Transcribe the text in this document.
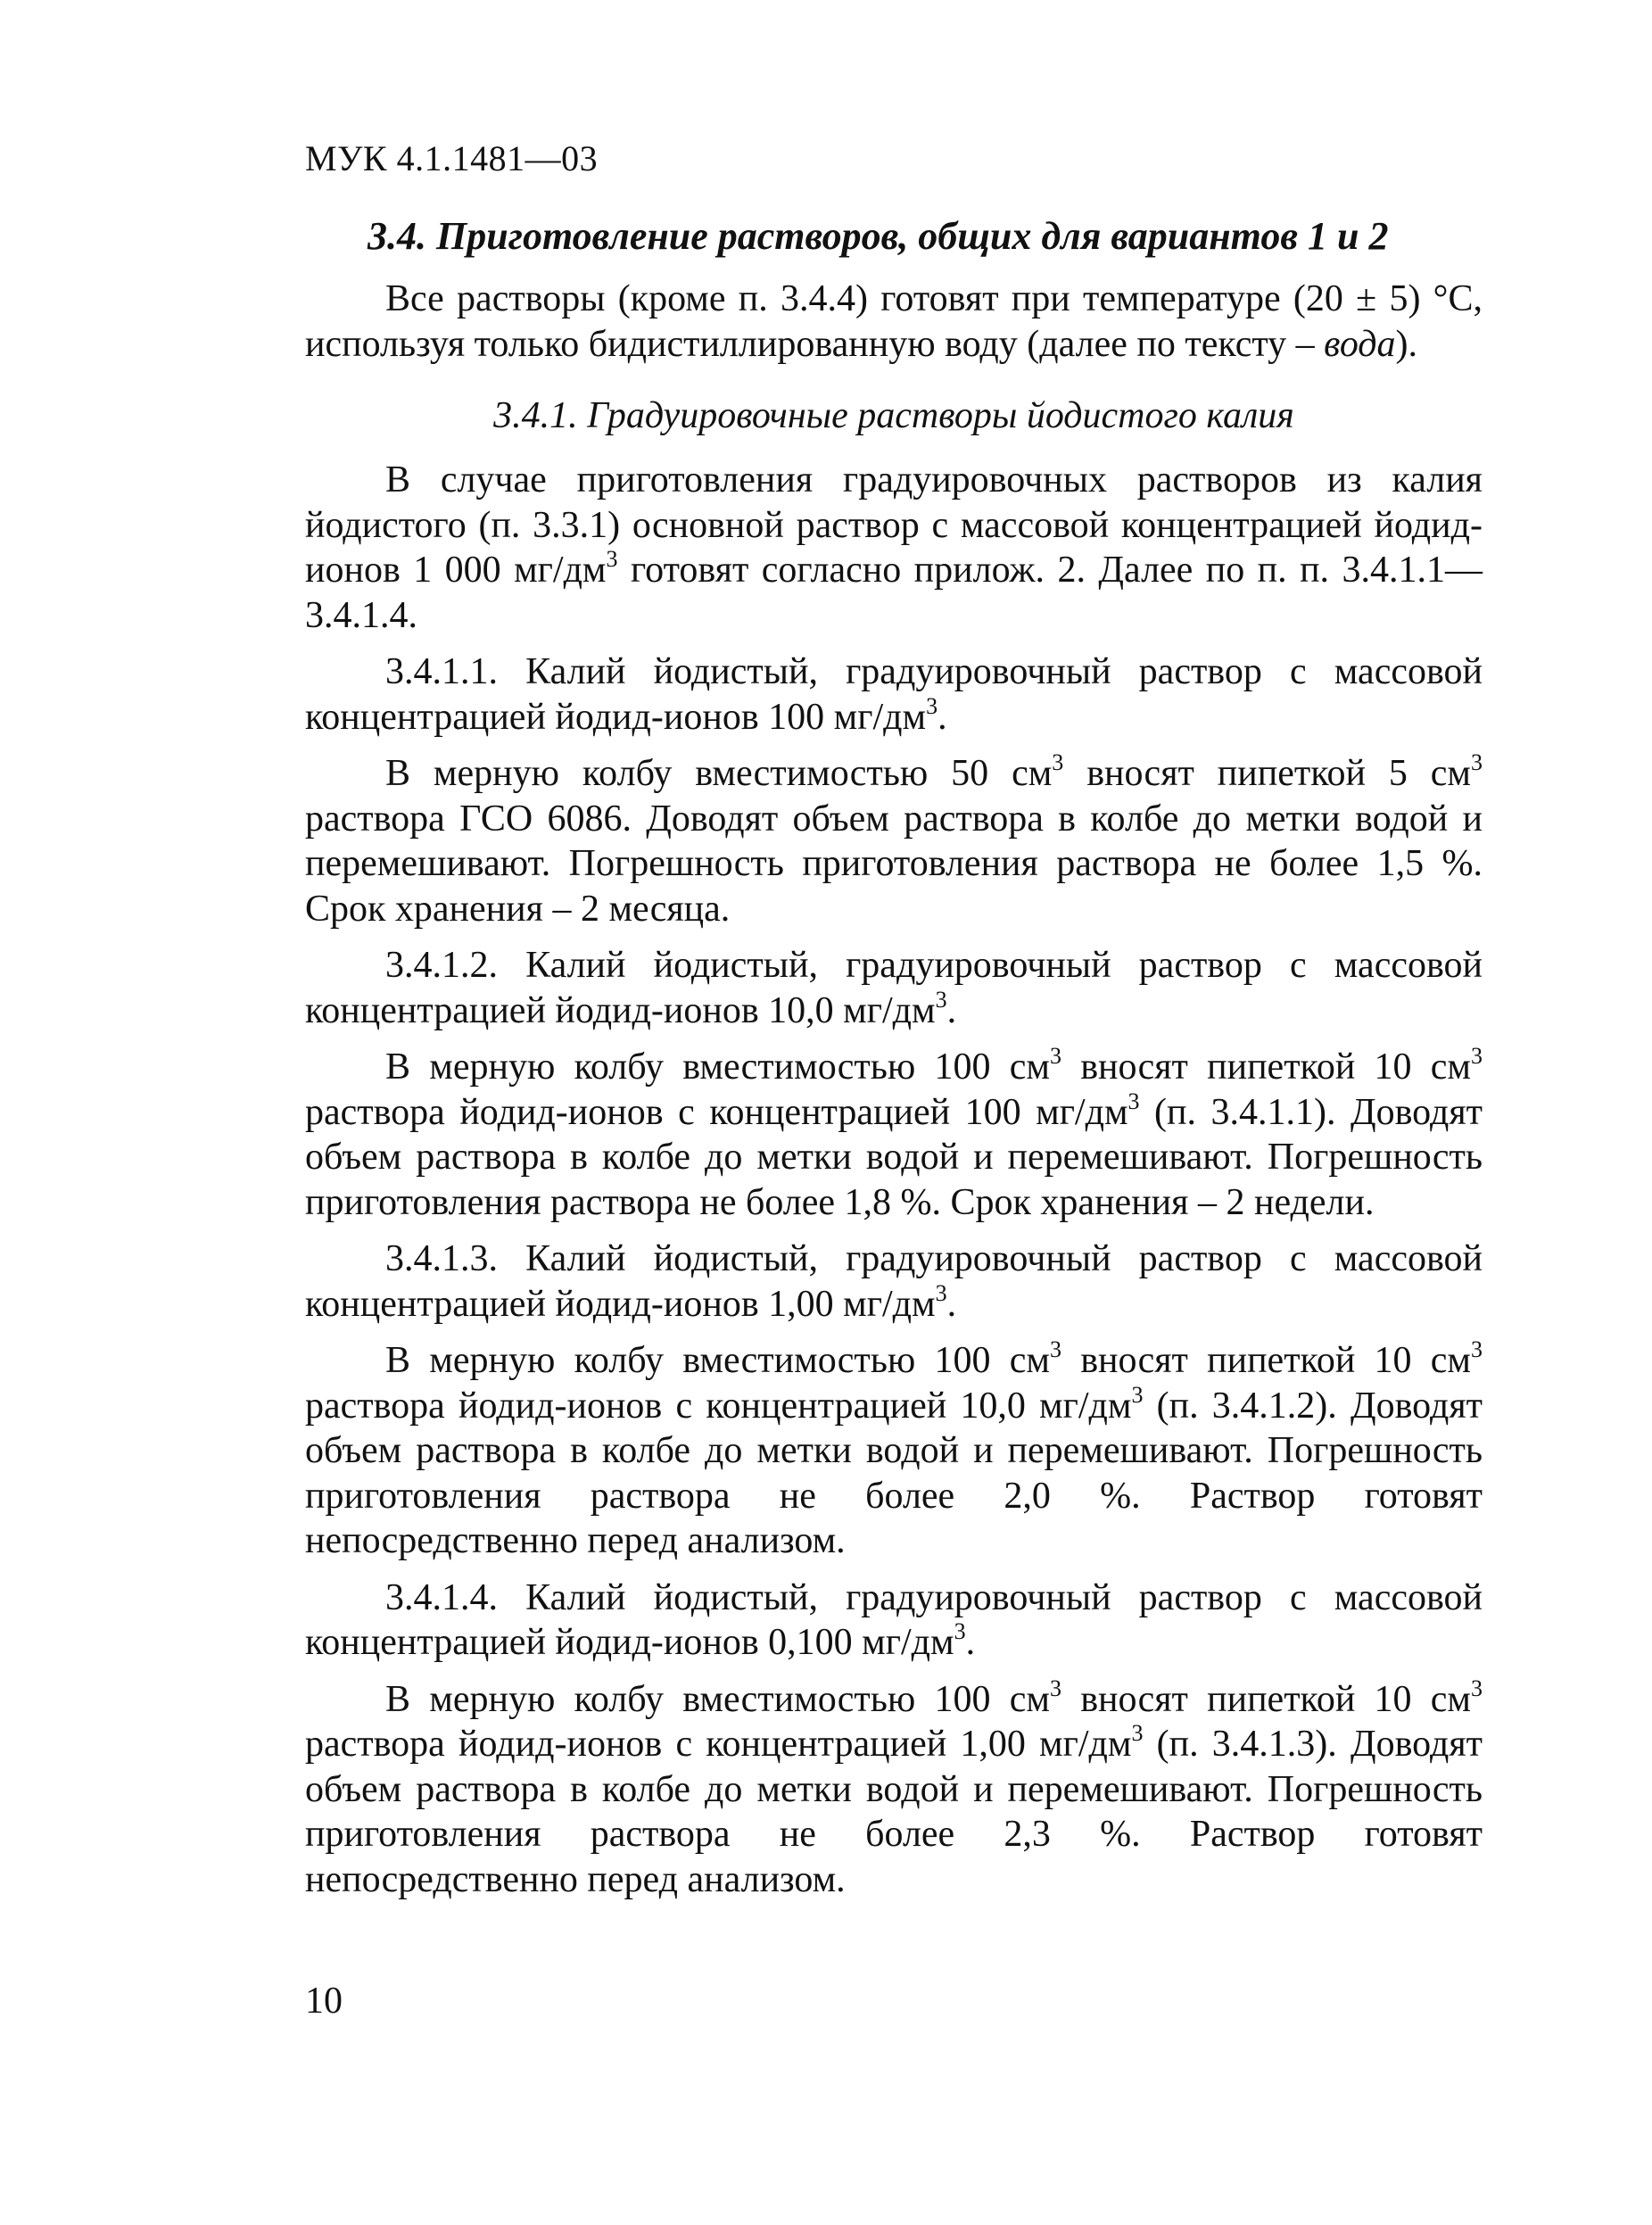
МУК 4.1.1481—03
3.4. Приготовление растворов, общих для вариантов 1 и 2

Все растворы (кроме п. 3.4.4) готовят при температуре (20 ± 5) °С, используя только бидистиллированную воду (далее по тексту – вода).

3.4.1. Градуировочные растворы йодистого калия

В случае приготовления градуировочных растворов из калия йодистого (п. 3.3.1) основной раствор с массовой концентрацией йодид-ионов 1 000 $мг/дм^3$ готовят согласно прилож. 2. Далее по п. п. 3.4.1.1—3.4.1.4.

3.4.1.1. Калий йодистый, градуировочный раствор с массовой концентрацией йодид-ионов 100 $мг/дм^3$.

В мерную колбу вместимостью 50 $см^3$ вносят пипеткой 5 $см^3$ раствора ГСО 6086. Доводят объем раствора в колбе до метки водой и перемешивают. Погрешность приготовления раствора не более 1,5 %. Срок хранения – 2 месяца.

3.4.1.2. Калий йодистый, градуировочный раствор с массовой концентрацией йодид-ионов 10,0 $мг/дм^3$.

В мерную колбу вместимостью 100 $см^3$ вносят пипеткой 10 $см^3$ раствора йодид-ионов с концентрацией 100 $мг/дм^3$ (п. 3.4.1.1). Доводят объем раствора в колбе до метки водой и перемешивают. Погрешность приготовления раствора не более 1,8 %. Срок хранения – 2 недели.

3.4.1.3. Калий йодистый, градуировочный раствор с массовой концентрацией йодид-ионов 1,00 $мг/дм^3$.

В мерную колбу вместимостью 100 $см^3$ вносят пипеткой 10 $см^3$ раствора йодид-ионов с концентрацией 10,0 $мг/дм^3$ (п. 3.4.1.2). Доводят объем раствора в колбе до метки водой и перемешивают. Погрешность приготовления раствора не более 2,0 %. Раствор готовят непосредственно перед анализом.

3.4.1.4. Калий йодистый, градуировочный раствор с массовой концентрацией йодид-ионов 0,100 $мг/дм^3$.

В мерную колбу вместимостью 100 $см^3$ вносят пипеткой 10 $см^3$ раствора йодид-ионов с концентрацией 1,00 $мг/дм^3$ (п. 3.4.1.3). Доводят объем раствора в колбе до метки водой и перемешивают. Погрешность приготовления раствора не более 2,3 %. Раствор готовят непосредственно перед анализом.

10
